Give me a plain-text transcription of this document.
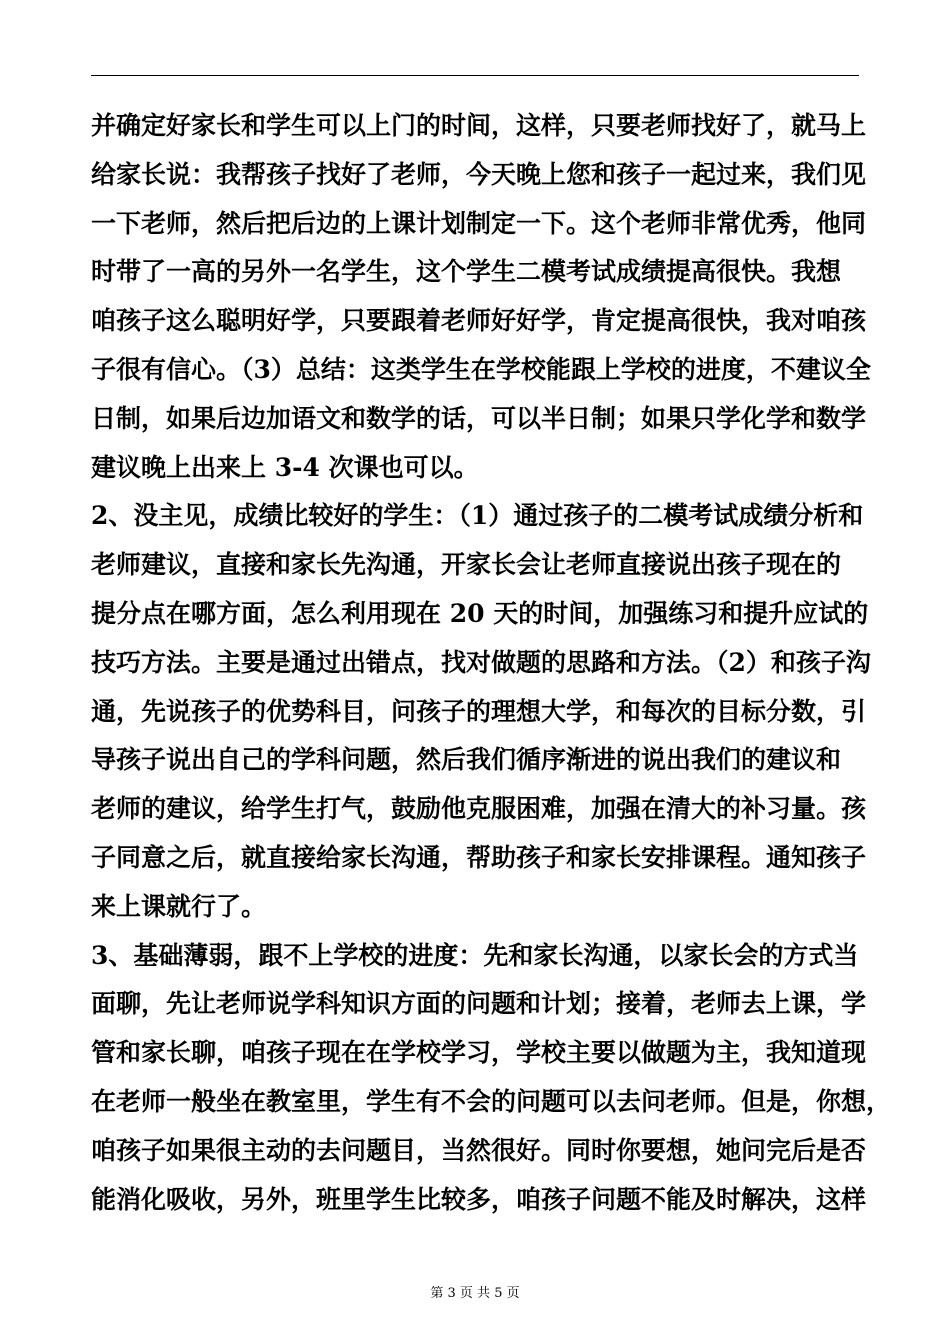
并确定好家长和学生可以上门的时间，这样，只要老师找好了，就马上
给家长说：我帮孩子找好了老师，今天晚上您和孩子一起过来，我们见
一下老师，然后把后边的上课计划制定一下。这个老师非常优秀，他同
时带了一高的另外一名学生，这个学生二模考试成绩提高很快。我想
咱孩子这么聪明好学，只要跟着老师好好学，肯定提高很快，我对咱孩
子很有信心。（3）总结：这类学生在学校能跟上学校的进度，不建议全
日制，如果后边加语文和数学的话，可以半日制；如果只学化学和数学
建议晚上出来上 3-4 次课也可以。
2、没主见，成绩比较好的学生：（1）通过孩子的二模考试成绩分析和
老师建议，直接和家长先沟通，开家长会让老师直接说出孩子现在的
提分点在哪方面，怎么利用现在 20 天的时间，加强练习和提升应试的
技巧方法。主要是通过出错点，找对做题的思路和方法。（2）和孩子沟
通，先说孩子的优势科目，问孩子的理想大学，和每次的目标分数，引
导孩子说出自己的学科问题，然后我们循序渐进的说出我们的建议和
老师的建议，给学生打气，鼓励他克服困难，加强在清大的补习量。孩
子同意之后，就直接给家长沟通，帮助孩子和家长安排课程。通知孩子
来上课就行了。
3、基础薄弱，跟不上学校的进度：先和家长沟通，以家长会的方式当
面聊，先让老师说学科知识方面的问题和计划；接着，老师去上课，学
管和家长聊，咱孩子现在在学校学习，学校主要以做题为主，我知道现
在老师一般坐在教室里，学生有不会的问题可以去问老师。但是，你想，
咱孩子如果很主动的去问题目，当然很好。同时你要想，她问完后是否
能消化吸收，另外，班里学生比较多，咱孩子问题不能及时解决，这样
第 3 页 共 5 页
